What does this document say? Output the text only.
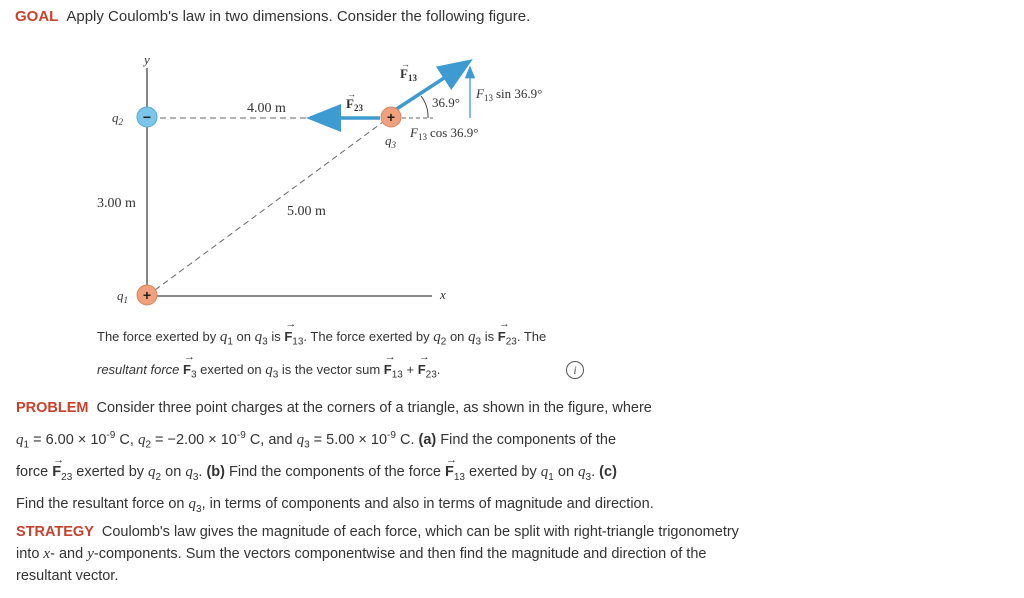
GOAL Apply Coulomb's law in two dimensions. Consider the following figure.
y
x
−
+
+
$q_2$
$q_1$
$q_3$
4.00 m
3.00 m
5.00 m
$F_{23}$
→
$F_{13}$
→
36.9°
$F_{13}$ sin 36.9°
$F_{13}$ cos 36.9°
The force exerted by $q_1$ on $q_3$ is → $F_{13}$. The force exerted by $q_2$ on $q_3$ is → $F_{23}$. The
resultant force → $F_3$ exerted on $q_3$ is the vector sum → $F_{13}$ + → $F_{23}$.	i
PROBLEM Consider three point charges at the corners of a triangle, as shown in the figure, where
$q_1 = 6.00 \times 10^{-9}$ C, $q_2 = -2.00 \times 10^{-9}$ C, and $q_3 = 5.00 \times 10^{-9}$ C. (a) Find the components of the
force → $F_{23}$ exerted by $q_2$ on $q_3$. (b) Find the components of the force → $F_{13}$ exerted by $q_1$ on $q_3$. (c)
Find the resultant force on $q_3$, in terms of components and also in terms of magnitude and direction.
STRATEGY Coulomb's law gives the magnitude of each force, which can be split with right-triangle trigonometry into x- and y-components. Sum the vectors componentwise and then find the magnitude and direction of the resultant vector.
